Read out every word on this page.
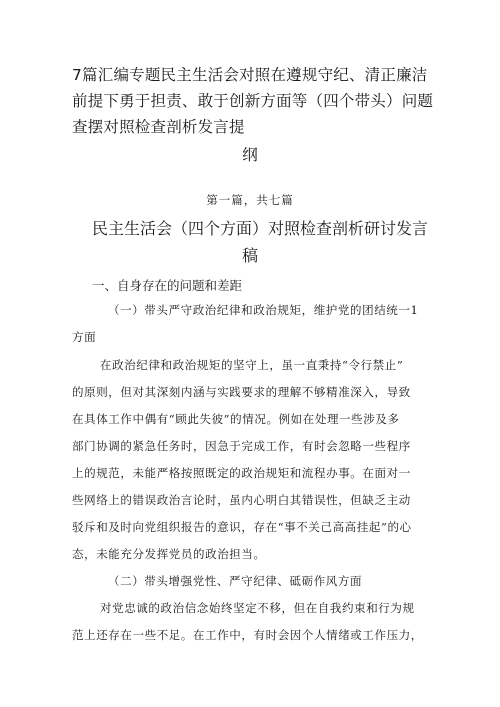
7篇汇编专题民主生活会对照在遵规守纪、清正廉洁前提下勇于担责、敢于创新方面等（四个带头）问题查摆对照检查剖析发言提
纲
第一篇，共七篇
民主生活会（四个方面）对照检查剖析研讨发言
稿
一、自身存在的问题和差距

（一）带头严守政治纪律和政治规矩，维护党的团结统一1

方面

在政治纪律和政治规矩的坚守上，虽一直秉持“令行禁止”

的原则，但对其深刻内涵与实践要求的理解不够精准深入，导致

在具体工作中偶有“顾此失彼”的情况。例如在处理一些涉及多

部门协调的紧急任务时，因急于完成工作，有时会忽略一些程序

上的规范，未能严格按照既定的政治规矩和流程办事。在面对一

些网络上的错误政治言论时，虽内心明白其错误性，但缺乏主动

驳斥和及时向党组织报告的意识，存在“事不关己高高挂起”的心

态，未能充分发挥党员的政治担当。

（二）带头增强党性、严守纪律、砥砺作风方面

对党忠诚的政治信念始终坚定不移，但在自我约束和行为规

范上还存在一些不足。在工作中，有时会因个人情绪或工作压力，
